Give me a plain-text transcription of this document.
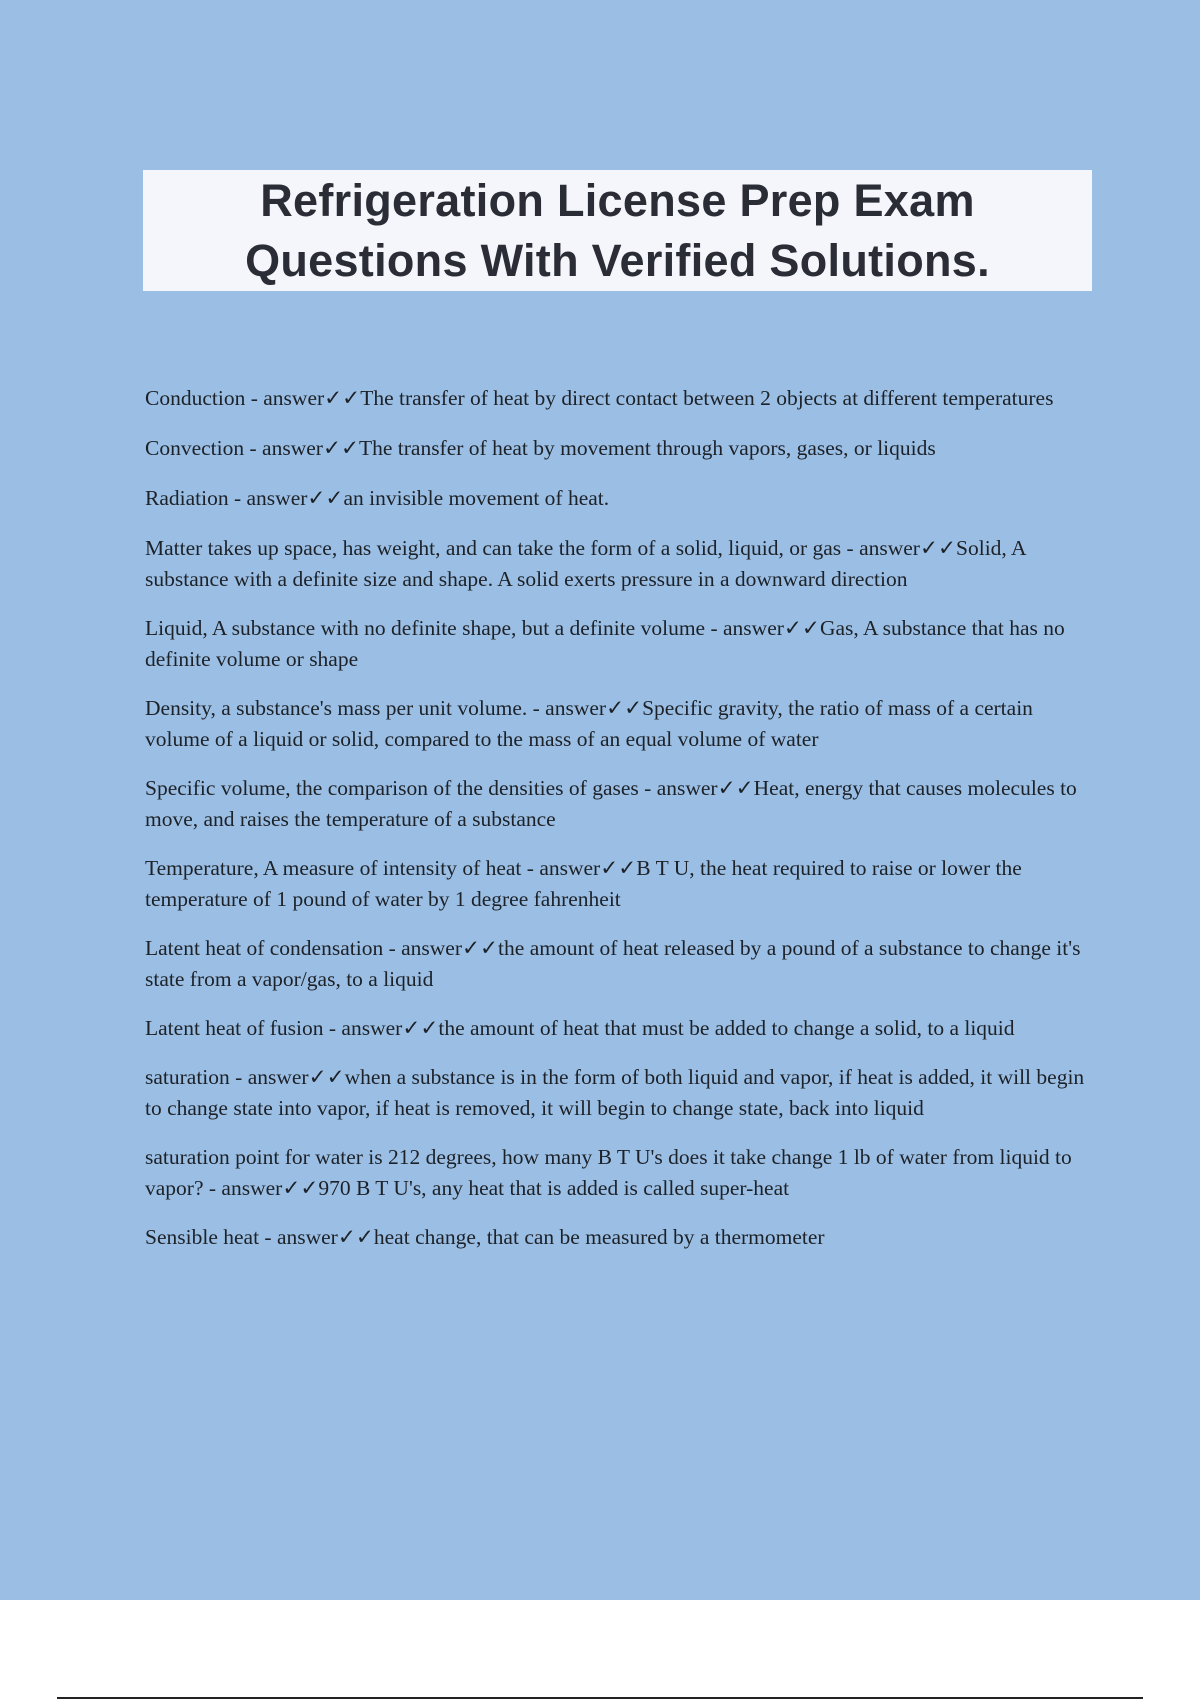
Refrigeration License Prep Exam Questions With Verified Solutions.
Conduction - answer✓✓The transfer of heat by direct contact between 2 objects at different temperatures
Convection - answer✓✓The transfer of heat by movement through vapors, gases, or liquids
Radiation - answer✓✓an invisible movement of heat.
Matter takes up space, has weight, and can take the form of a solid, liquid, or gas - answer✓✓Solid, A substance with a definite size and shape. A solid exerts pressure in a downward direction
Liquid, A substance with no definite shape, but a definite volume - answer✓✓Gas, A substance that has no definite volume or shape
Density, a substance's mass per unit volume. - answer✓✓Specific gravity, the ratio of mass of a certain volume of a liquid or solid, compared to the mass of an equal volume of water
Specific volume, the comparison of the densities of gases - answer✓✓Heat, energy that causes molecules to move, and raises the temperature of a substance
Temperature, A measure of intensity of heat - answer✓✓B T U, the heat required to raise or lower the temperature of 1 pound of water by 1 degree fahrenheit
Latent heat of condensation - answer✓✓the amount of heat released by a pound of a substance to change it's state from a vapor/gas, to a liquid
Latent heat of fusion - answer✓✓the amount of heat that must be added to change a solid, to a liquid
saturation - answer✓✓when a substance is in the form of both liquid and vapor, if heat is added, it will begin to change state into vapor, if heat is removed, it will begin to change state, back into liquid
saturation point for water is 212 degrees, how many B T U's does it take change 1 lb of water from liquid to vapor? - answer✓✓970 B T U's, any heat that is added is called super-heat
Sensible heat - answer✓✓heat change, that can be measured by a thermometer
